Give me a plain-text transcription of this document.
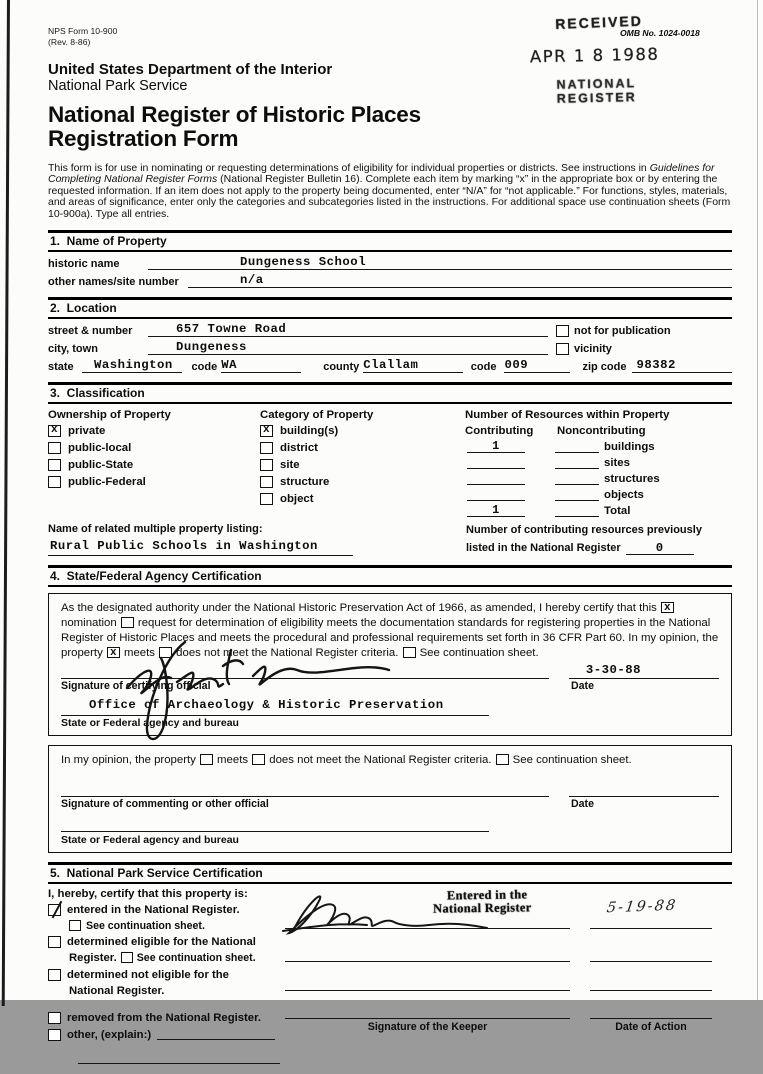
RECEIVED
APR 1 8 1988
NATIONAL
REGISTER
NPS Form 10-900
(Rev. 8-86)
OMB No. 1024-0018
United States Department of the Interior
National Park Service
National Register of Historic Places
Registration Form
This form is for use in nominating or requesting determinations of eligibility for individual properties or districts. See instructions in Guidelines for Completing National Register Forms (National Register Bulletin 16). Complete each item by marking “x” in the appropriate box or by entering the requested information. If an item does not apply to the property being documented, enter “N/A” for “not applicable.” For functions, styles, materials, and areas of significance, enter only the categories and subcategories listed in the instructions. For additional space use continuation sheets (Form 10-900a). Type all entries.
1.  Name of Property
historic name	Dungeness School
other names/site number	n/a
2.  Location
street & number	657 Towne Road	not for publication
city, town	Dungeness	vicinity
state	Washington code WA	county Clallam	code 009	zip code 98382
3.  Classification
Ownership of Property
x private
public-local
public-State
public-Federal
Category of Property
x building(s)
district
site
structure
object
Number of Resources within Property
Contributing	Noncontributing
1	buildings
sites
structures
objects
1	Total
Name of related multiple property listing:
Rural Public Schools in Washington
Number of contributing resources previously
listed in the National Register	0
4.  State/Federal Agency Certification
As the designated authority under the National Historic Preservation Act of 1966, as amended, I hereby certify that this x
nomination request for determination of eligibility meets the documentation standards for registering properties in the National Register of Historic Places and meets the procedural and professional requirements set forth in 36 CFR Part 60. In my opinion, the property x meets does not meet the National Register criteria. See continuation sheet.
3-30-88
Signature of certifying official	Date
Office of Archaeology & Historic Preservation
State or Federal agency and bureau
In my opinion, the property meets does not meet the National Register criteria. See continuation sheet.
Signature of commenting or other official	Date
State or Federal agency and bureau
5.  National Park Service Certification
I, hereby, certify that this property is:
entered in the National Register.
See continuation sheet.
determined eligible for the National
Register. See continuation sheet.
determined not eligible for the
National Register.
removed from the National Register.
other, (explain:)
Entered in the
National Register	5-19-88
Signature of the Keeper	Date of Action
